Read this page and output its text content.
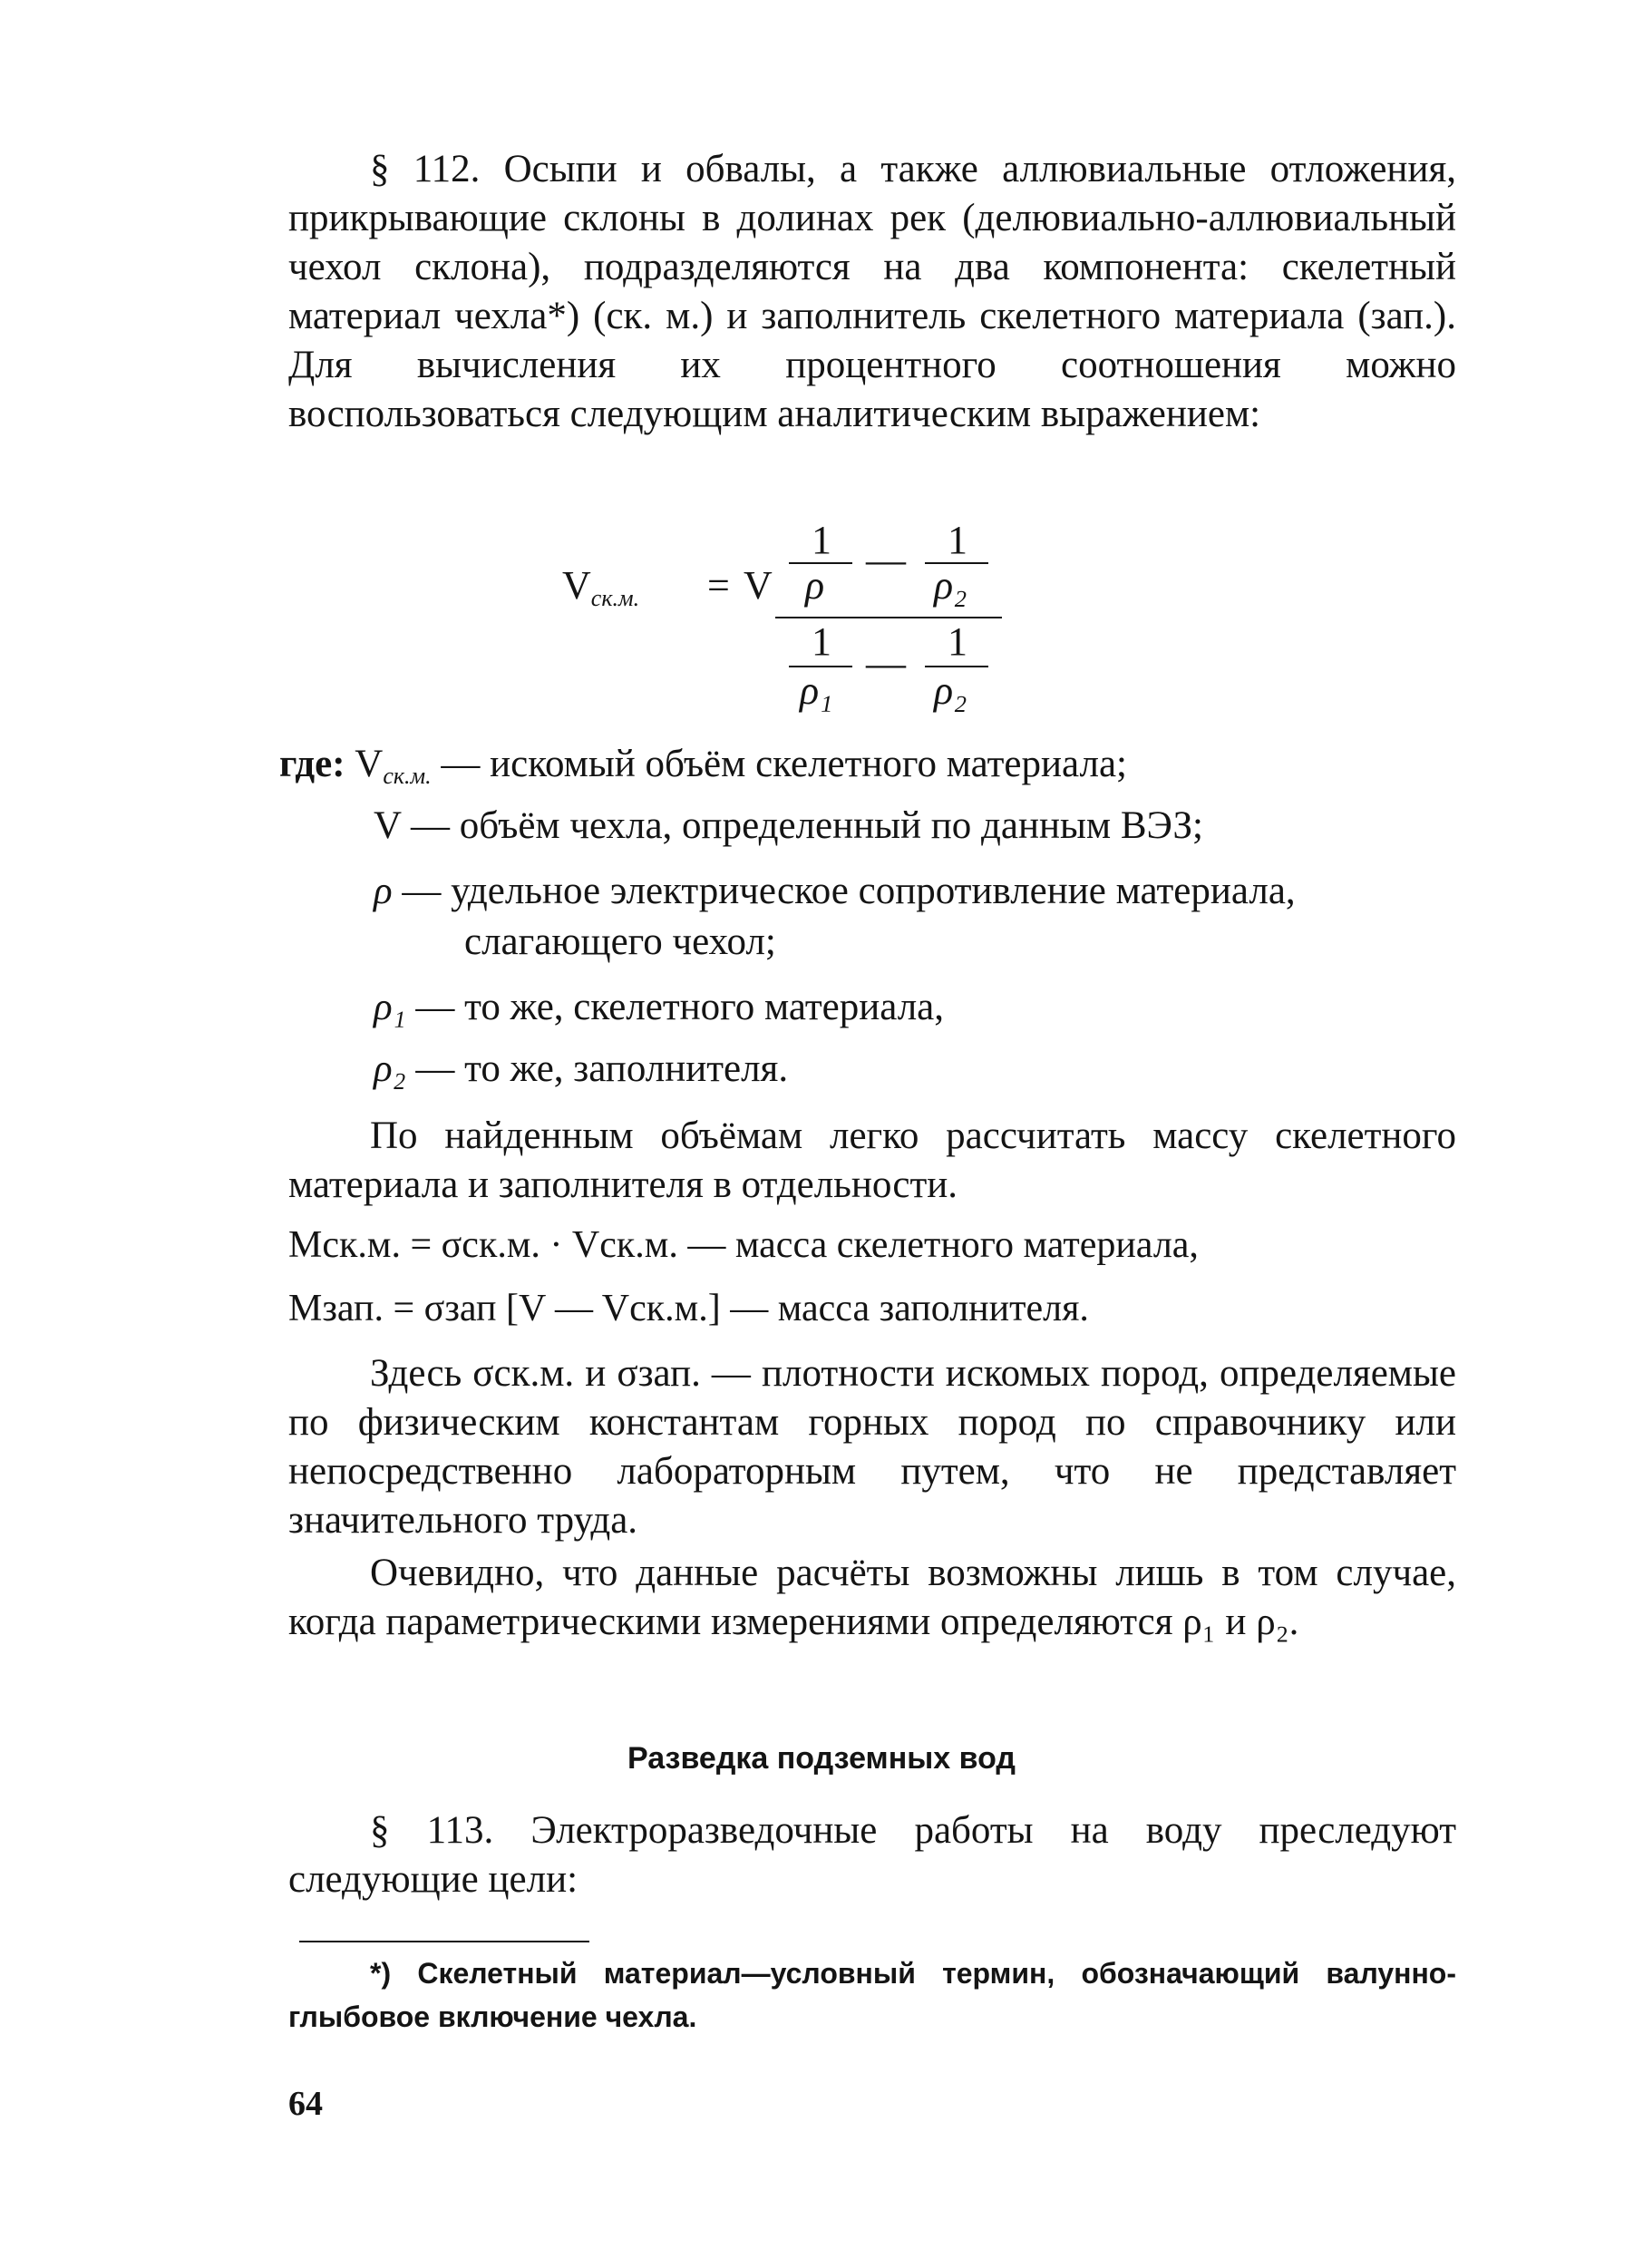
§ 112. Осыпи и обвалы, а также аллювиальные отложения, прикрывающие склоны в долинах рек (делювиально-аллювиальный чехол склона), подразделяются на два компонента: скелетный материал чехла*) (ск. м.) и заполнитель скелетного материала (зап.). Для вычисления их процентного соотношения можно воспользоваться следующим аналитическим выражением:

Vск.м. = V
1
ρ
— 1
ρ₂
1
ρ₁
— 1
ρ₂
где: Vск.м. — искомый объём скелетного материала;
V — объём чехла, определенный по данным ВЭЗ;
ρ — удельное электрическое сопротивление материала,
слагающего чехол;
ρ₁ — то же, скелетного материала,
ρ₂ — то же, заполнителя.

По найденным объёмам легко рассчитать массу скелетного материала и заполнителя в отдельности.

Mск.м. = σск.м. · Vск.м. — масса скелетного материала,
Mзап. = σзап [V — Vск.м.] — масса заполнителя.

Здесь σск.м. и σзап. — плотности искомых пород, определяемые по физическим константам горных пород по справочнику или непосредственно лабораторным путем, что не представляет значительного труда.

Очевидно, что данные расчёты возможны лишь в том случае, когда параметрическими измерениями определяются ρ₁ и ρ₂.

Разведка подземных вод

§ 113. Электроразведочные работы на воду преследуют следующие цели:

*) Скелетный материал—условный термин, обозначающий валунно-глыбовое включение чехла.

64
